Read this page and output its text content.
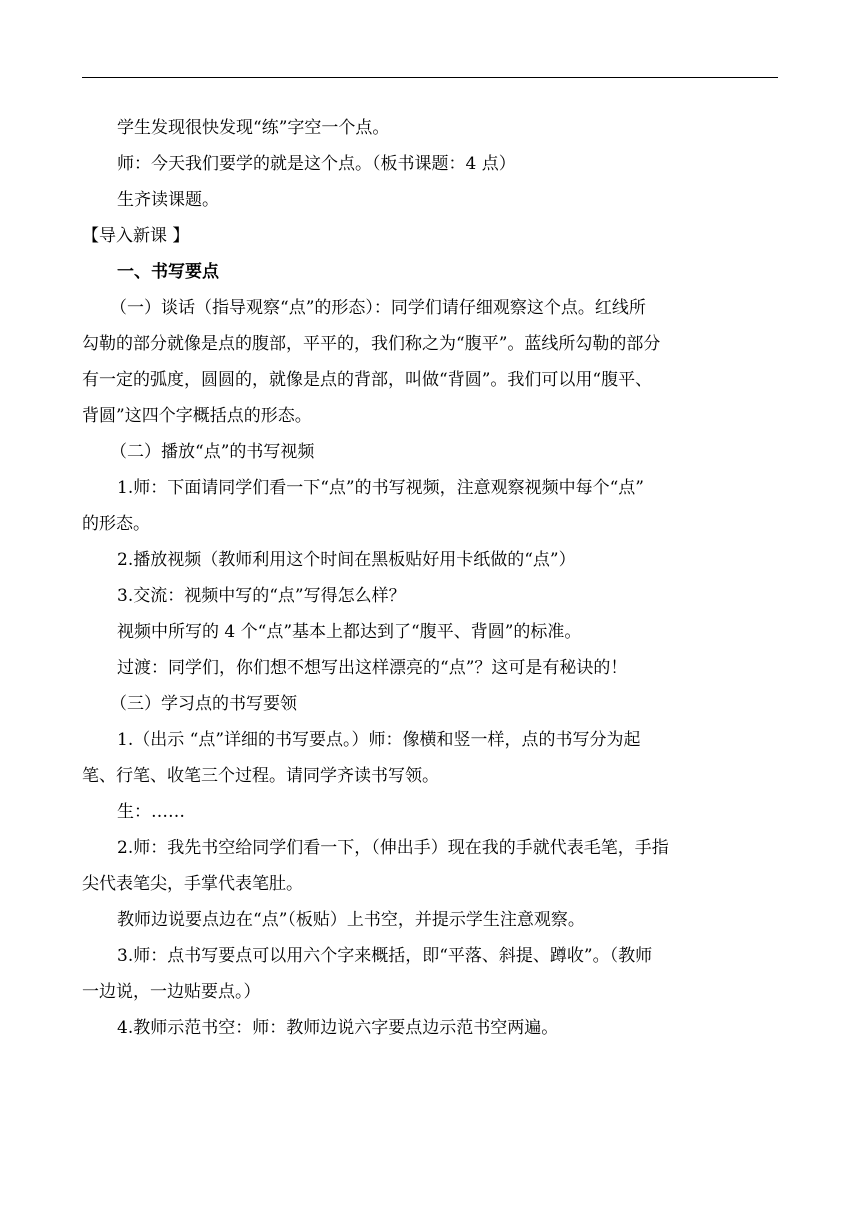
学生发现很快发现“练”字空一个点。
师：今天我们要学的就是这个点。（板书课题：4 点）
生齐读课题。
【导入新课 】
一、书写要点
（一）谈话（指导观察“点”的形态）：同学们请仔细观察这个点。红线所
勾勒的部分就像是点的腹部，平平的，我们称之为“腹平”。蓝线所勾勒的部分
有一定的弧度，圆圆的，就像是点的背部，叫做“背圆”。我们可以用“腹平、
背圆”这四个字概括点的形态。
（二）播放“点”的书写视频
1.师：下面请同学们看一下“点”的书写视频，注意观察视频中每个“点”
的形态。
2.播放视频（教师利用这个时间在黑板贴好用卡纸做的“点”）
3.交流：视频中写的“点”写得怎么样？
视频中所写的 4 个“点”基本上都达到了“腹平、背圆”的标准。
过渡：同学们，你们想不想写出这样漂亮的“点”？这可是有秘诀的！
（三）学习点的书写要领
1.（出示 “点”详细的书写要点。）师：像横和竖一样，点的书写分为起
笔、行笔、收笔三个过程。请同学齐读书写领。
生：……
2.师：我先书空给同学们看一下，（伸出手）现在我的手就代表毛笔，手指
尖代表笔尖，手掌代表笔肚。
教师边说要点边在“点”（板贴）上书空，并提示学生注意观察。
3.师：点书写要点可以用六个字来概括，即“平落、斜提、蹲收”。（教师
一边说，一边贴要点。）
4.教师示范书空：师：教师边说六字要点边示范书空两遍。
